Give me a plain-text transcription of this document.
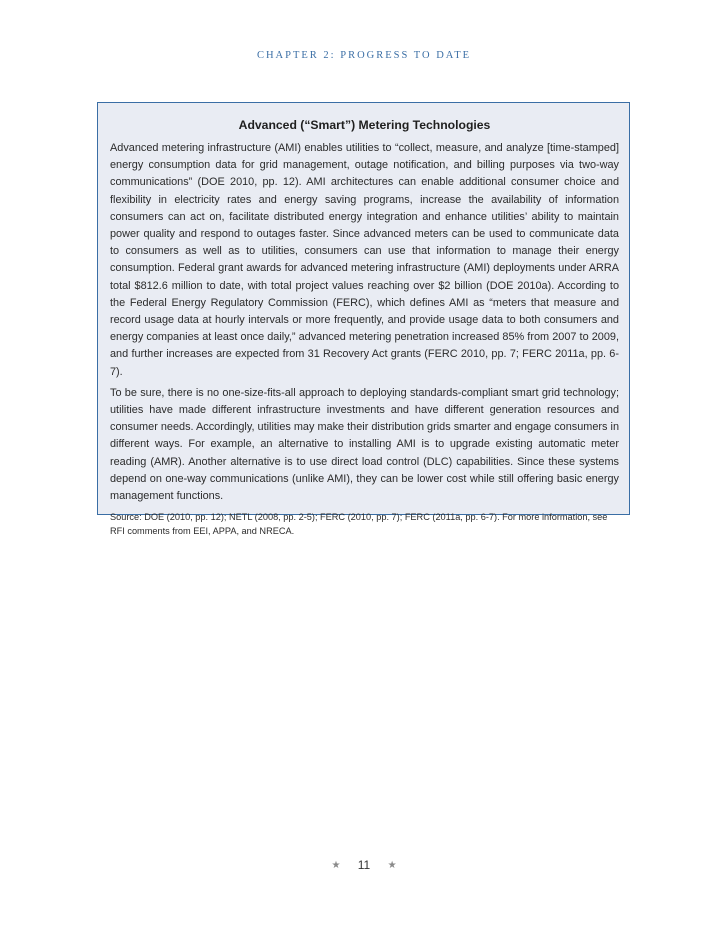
CHAPTER 2: PROGRESS TO DATE
Advanced (“Smart”) Metering Technologies

Advanced metering infrastructure (AMI) enables utilities to “collect, measure, and analyze [time-stamped] energy consumption data for grid management, outage notification, and billing purposes via two-way communications” (DOE 2010, pp. 12). AMI architectures can enable additional consumer choice and flexibility in electricity rates and energy saving programs, increase the availability of information consumers can act on, facilitate distributed energy integration and enhance utilities’ ability to maintain power quality and respond to outages faster. Since advanced meters can be used to communicate data to consumers as well as to utilities, consumers can use that information to manage their energy consumption. Federal grant awards for advanced metering infrastructure (AMI) deployments under ARRA total $812.6 million to date, with total project values reaching over $2 billion (DOE 2010a). According to the Federal Energy Regulatory Commission (FERC), which defines AMI as “meters that measure and record usage data at hourly intervals or more frequently, and provide usage data to both consumers and energy companies at least once daily,” advanced metering penetration increased 85% from 2007 to 2009, and further increases are expected from 31 Recovery Act grants (FERC 2010, pp. 7; FERC 2011a, pp. 6-7).

To be sure, there is no one-size-fits-all approach to deploying standards-compliant smart grid technology; utilities have made different infrastructure investments and have different generation resources and consumer needs. Accordingly, utilities may make their distribution grids smarter and engage consumers in different ways. For example, an alternative to installing AMI is to upgrade existing automatic meter reading (AMR). Another alternative is to use direct load control (DLC) capabilities. Since these systems depend on one-way communications (unlike AMI), they can be lower cost while still offering basic energy management functions.

Source: DOE (2010, pp. 12); NETL (2008, pp. 2-5); FERC (2010, pp. 7); FERC (2011a, pp. 6-7). For more information, see RFI comments from EEI, APPA, and NRECA.

★ 11 ★
